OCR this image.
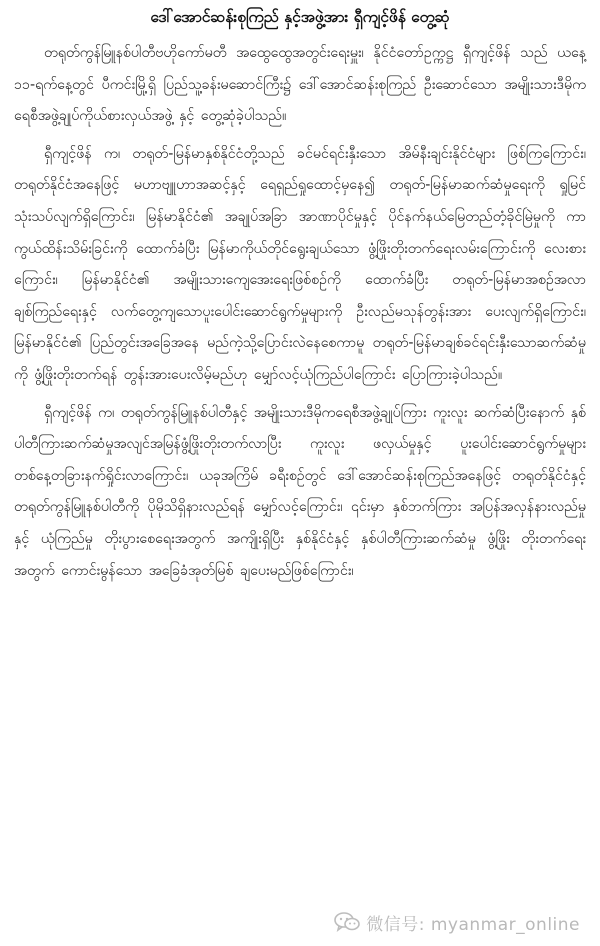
ဒေါ်အောင်ဆန်းစုကြည် နှင့်အဖွဲ့အား ရှီကျင့်ဖိန် တွေ့ဆုံ

တရုတ်ကွန်မြူနစ်ပါတီဗဟိုကော်မတီ အထွေထွေအတွင်းရေးမှူး၊ နိုင်ငံတော်ဥက္ကဋ္ဌ ရှီကျင့်ဖိန် သည် ယနေ့ ၁၁-ရက်နေ့တွင် ပီကင်းမြို့ရှိ ပြည်သူ့ခန်းမဆောင်ကြီး၌ ဒေါ်အောင်ဆန်းစုကြည် ဦးဆောင်သော အမျိုးသားဒီမိုကရေစီအဖွဲ့ချုပ်ကိုယ်စားလှယ်အဖွဲ့ နှင့် တွေ့ဆုံခဲ့ပါသည်။

ရှီကျင့်ဖိန် က၊ တရုတ်-မြန်မာနှစ်နိုင်ငံတို့သည် ခင်မင်ရင်းနှီးသော အိမ်နီးချင်းနိုင်ငံများ ဖြစ်ကြကြောင်း၊ တရုတ်နိုင်ငံအနေဖြင့် မဟာဗျူဟာအဆင့်နှင့် ရေရှည်ရှုထောင့်မှနေ၍ တရုတ်-မြန်မာဆက်ဆံမှုရေးကို ရှုမြင်သုံးသပ်လျက်ရှိကြောင်း၊ မြန်မာနိုင်ငံ၏ အချုပ်အခြာ အာဏာပိုင်မှုနှင့် ပိုင်နက်နယ်မြေတည်တံ့ခိုင်မြဲမှုကို ကာကွယ်ထိန်းသိမ်းခြင်းကို ထောက်ခံပြီး မြန်မာကိုယ်တိုင်ရွေးချယ်သော ဖွံ့ဖြိုးတိုးတက်ရေးလမ်းကြောင်းကို လေးစားကြောင်း၊ မြန်မာနိုင်ငံ၏ အမျိုးသားကျေအေးရေးဖြစ်စဉ်ကို ထောက်ခံပြီး တရုတ်-မြန်မာအစဉ်အလာ ချစ်ကြည်ရေးနှင့် လက်တွေ့ကျသောပူးပေါင်းဆောင်ရွက်မှုများကို ဦးလည်မသုန်တွန်းအား ပေးလျက်ရှိကြောင်း၊ မြန်မာနိုင်ငံ၏ ပြည်တွင်းအခြေအနေ မည်ကဲ့သို့ပြောင်းလဲနေစေကာမူ တရုတ်-မြန်မာချစ်ခင်ရင်းနှီးသောဆက်ဆံမှုကို ဖွံ့ဖြိုးတိုးတက်ရန် တွန်းအားပေးလိမ့်မည်ဟု မျှော်လင့်ယုံကြည်ပါကြောင်း ပြောကြားခဲ့ပါသည်။

ရှီကျင့်ဖိန် က၊ တရုတ်ကွန်မြူနစ်ပါတီနှင့် အမျိုးသားဒီမိုကရေစီအဖွဲ့ချုပ်ကြား ကူးလူး ဆက်ဆံပြီးနောက် နှစ်ပါတီကြားဆက်ဆံမှုအလျင်အမြန်ဖွံ့ဖြိုးတိုးတက်လာပြီး ကူးလူး ဖလှယ်မှုနှင့် ပူးပေါင်းဆောင်ရွက်မှုများ တစ်နေ့တခြားနက်ရှိုင်းလာကြောင်း၊ ယခုအကြိမ် ခရီးစဉ်တွင် ဒေါ်အောင်ဆန်းစုကြည်အနေဖြင့် တရုတ်နိုင်ငံနှင့် တရုတ်ကွန်မြူနစ်ပါတီကို ပိုမိုသိရှိနားလည်ရန် မျှော်လင့်ကြောင်း၊ ၎င်းမှာ နှစ်ဘက်ကြား အပြန်အလှန်နားလည်မှုနှင့် ယုံကြည်မှု တိုးပွားစေရေးအတွက် အကျိုးရှိပြီး နှစ်နိုင်ငံနှင့် နှစ်ပါတီကြားဆက်ဆံမှု ဖွံ့ဖြိုး တိုးတက်ရေးအတွက် ကောင်းမွန်သော အခြေခံအုတ်မြစ် ချပေးမည်ဖြစ်ကြောင်း၊

微信号: myanmar_online
